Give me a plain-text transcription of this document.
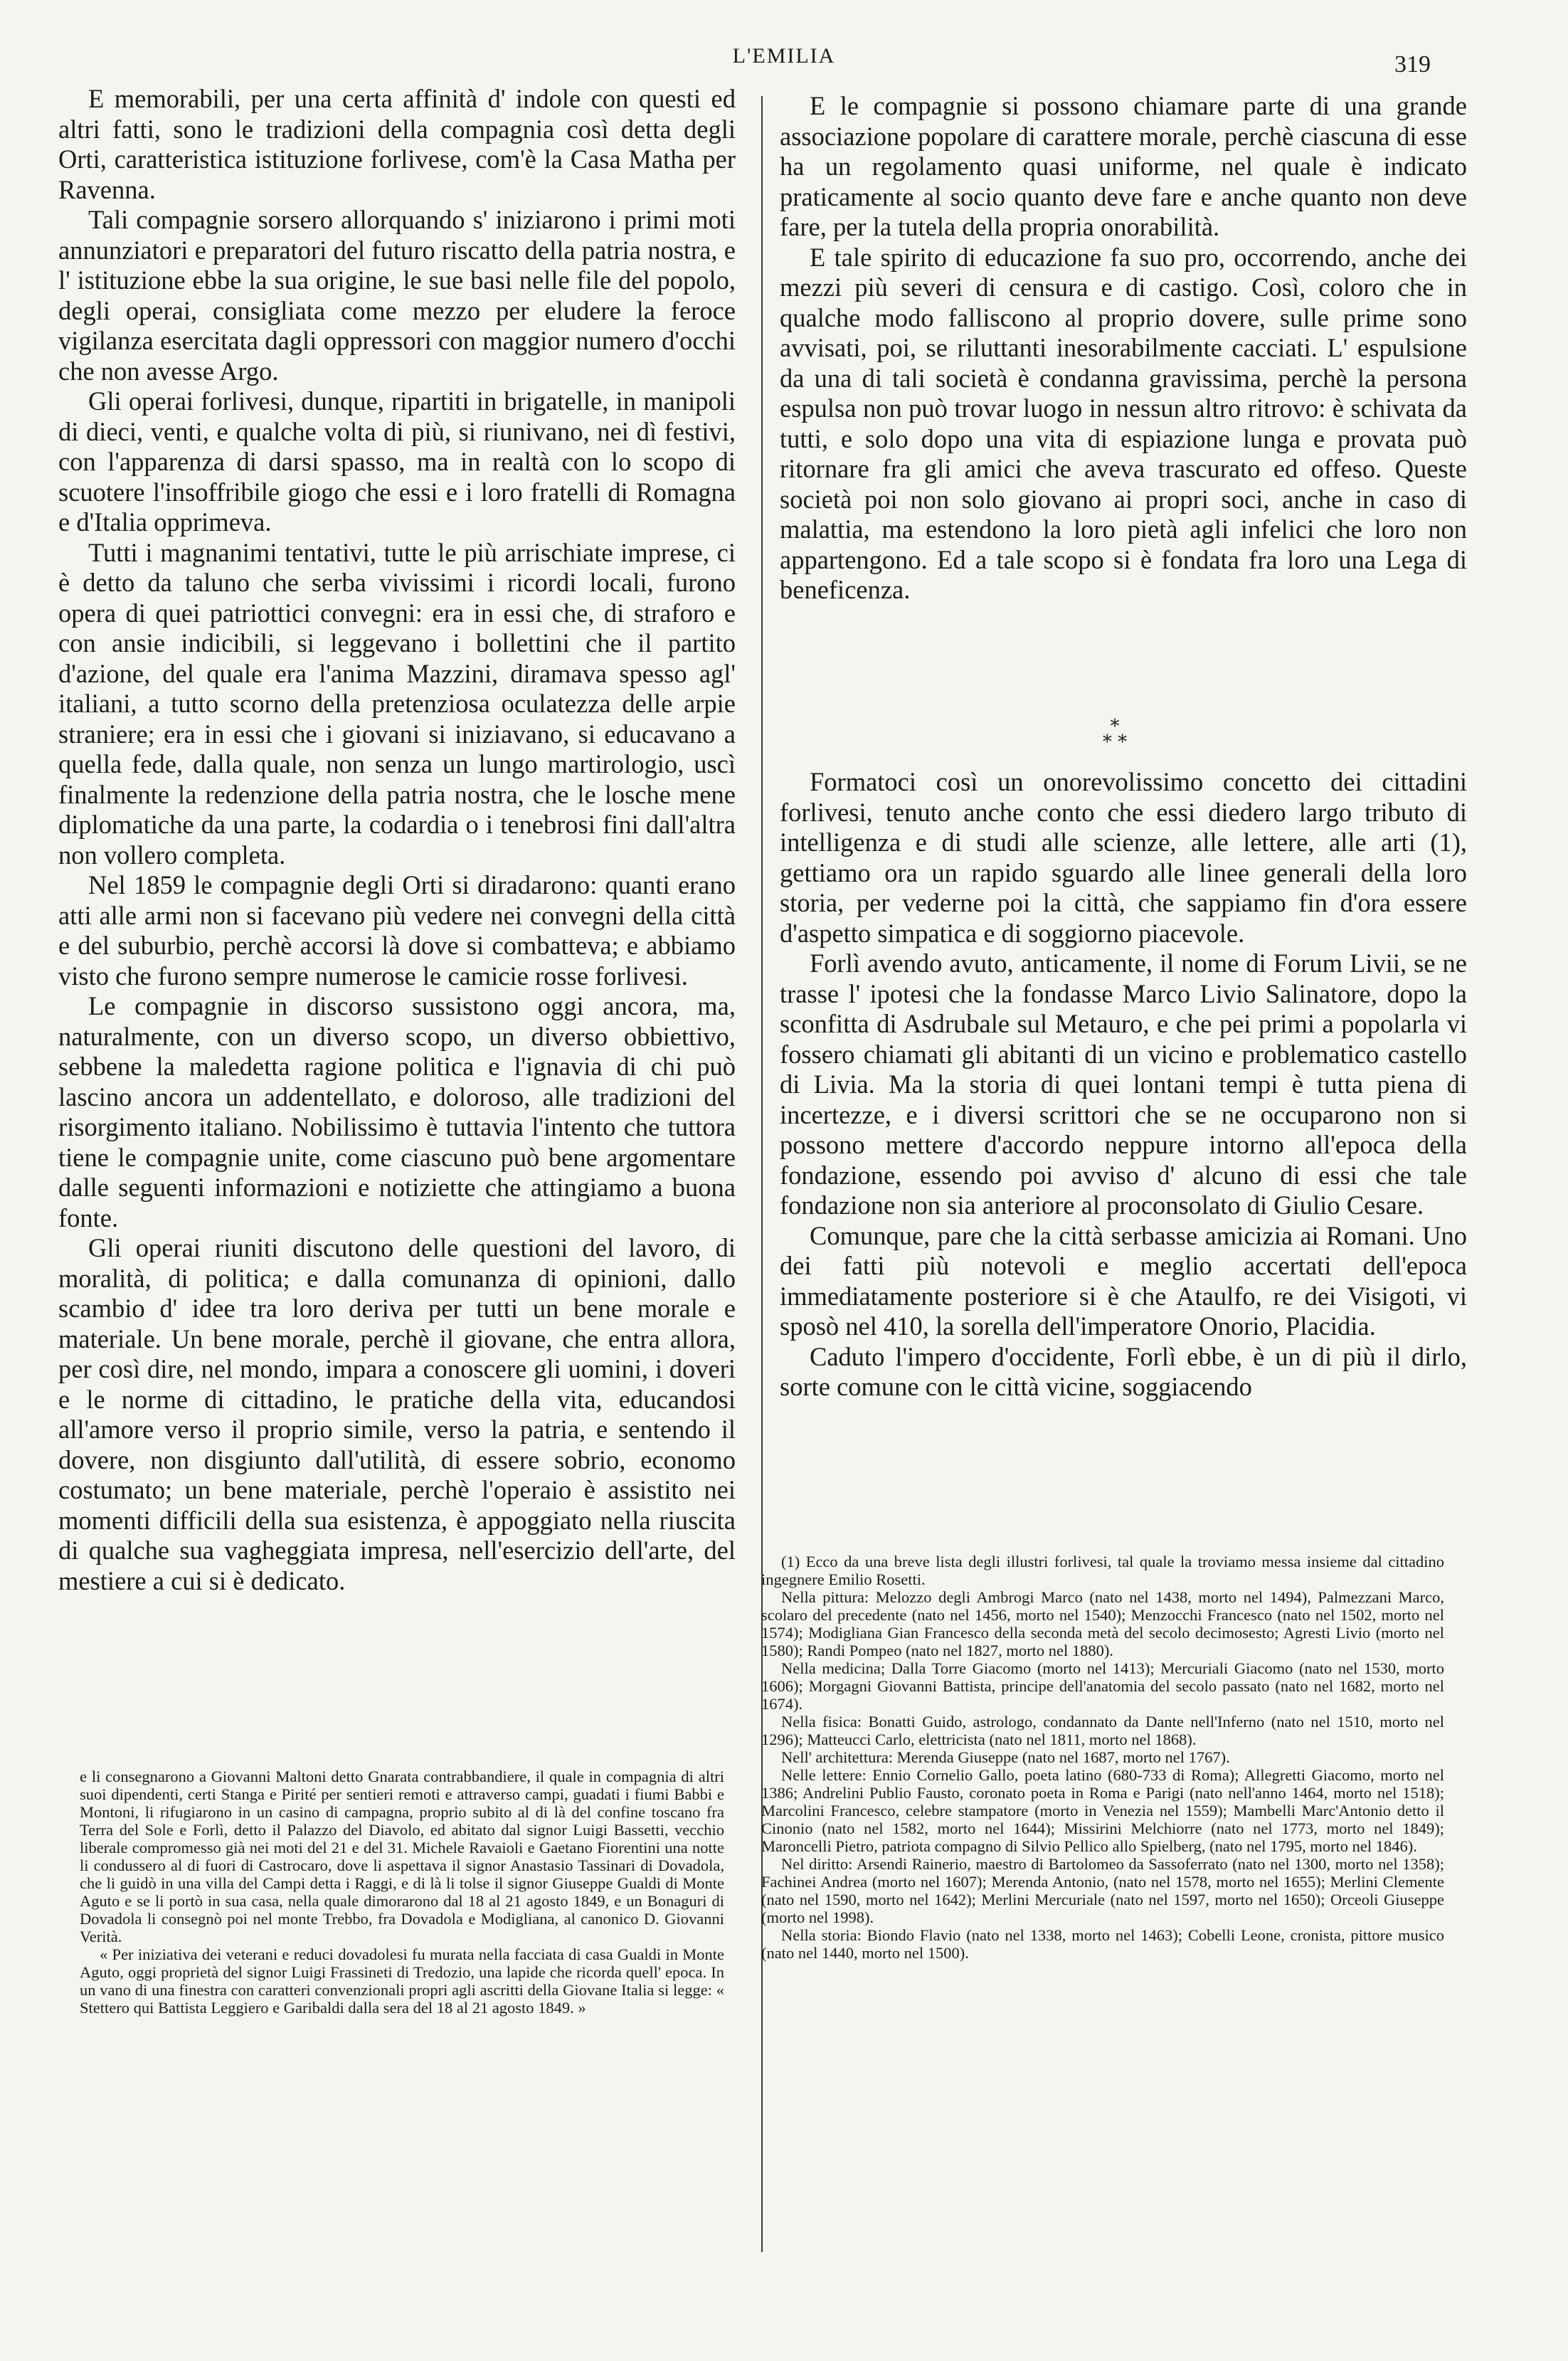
L'EMILIA	319

E memorabili, per una certa affinità d' indole con questi ed altri fatti, sono le tradizioni della compagnia così detta degli Orti, caratteristica istituzione forlivese, com'è la Casa Matha per Ravenna.

Tali compagnie sorsero allorquando s' iniziarono i primi moti annunziatori e preparatori del futuro riscatto della patria nostra, e l' istituzione ebbe la sua origine, le sue basi nelle file del popolo, degli operai, consigliata come mezzo per eludere la feroce vigilanza esercitata dagli oppressori con maggior numero d'occhi che non avesse Argo.

Gli operai forlivesi, dunque, ripartiti in brigatelle, in manipoli di dieci, venti, e qualche volta di più, si riunivano, nei dì festivi, con l'apparenza di darsi spasso, ma in realtà con lo scopo di scuotere l'insoffribile giogo che essi e i loro fratelli di Romagna e d'Italia opprimeva.

Tutti i magnanimi tentativi, tutte le più arrischiate imprese, ci è detto da taluno che serba vivissimi i ricordi locali, furono opera di quei patriottici convegni: era in essi che, di straforo e con ansie indicibili, si leggevano i bollettini che il partito d'azione, del quale era l'anima Mazzini, diramava spesso agl' italiani, a tutto scorno della pretenziosa oculatezza delle arpie straniere; era in essi che i giovani si iniziavano, si educavano a quella fede, dalla quale, non senza un lungo martirologio, uscì finalmente la redenzione della patria nostra, che le losche mene diplomatiche da una parte, la codardia o i tenebrosi fini dall'altra non vollero completa.

Nel 1859 le compagnie degli Orti si diradarono: quanti erano atti alle armi non si facevano più vedere nei convegni della città e del suburbio, perchè accorsi là dove si combatteva; e abbiamo visto che furono sempre numerose le camicie rosse forlivesi.

Le compagnie in discorso sussistono oggi ancora, ma, naturalmente, con un diverso scopo, un diverso obbiettivo, sebbene la maledetta ragione politica e l'ignavia di chi può lascino ancora un addentellato, e doloroso, alle tradizioni del risorgimento italiano. Nobilissimo è tuttavia l'intento che tuttora tiene le compagnie unite, come ciascuno può bene argomentare dalle seguenti informazioni e notiziette che attingiamo a buona fonte.

Gli operai riuniti discutono delle questioni del lavoro, di moralità, di politica; e dalla comunanza di opinioni, dallo scambio d' idee tra loro deriva per tutti un bene morale e materiale. Un bene morale, perchè il giovane, che entra allora, per così dire, nel mondo, impara a conoscere gli uomini, i doveri e le norme di cittadino, le pratiche della vita, educandosi all'amore verso il proprio simile, verso la patria, e sentendo il dovere, non disgiunto dall'utilità, di essere sobrio, economo costumato; un bene materiale, perchè l'operaio è assistito nei momenti difficili della sua esistenza, è appoggiato nella riuscita di qualche sua vagheggiata impresa, nell'esercizio dell'arte, del mestiere a cui si è dedicato.

e li consegnarono a Giovanni Maltoni detto Gnarata contrabbandiere, il quale in compagnia di altri suoi dipendenti, certi Stanga e Pirité per sentieri remoti e attraverso campi, guadati i fiumi Babbi e Montoni, li rifugiarono in un casino di campagna, proprio subito al di là del confine toscano fra Terra del Sole e Forlì, detto il Palazzo del Diavolo, ed abitato dal signor Luigi Bassetti, vecchio liberale compromesso già nei moti del 21 e del 31. Michele Ravaioli e Gaetano Fiorentini una notte li condussero al di fuori di Castrocaro, dove li aspettava il signor Anastasio Tassinari di Dovadola, che li guidò in una villa del Campi detta i Raggi, e di là li tolse il signor Giuseppe Gualdi di Monte Aguto e se li portò in sua casa, nella quale dimorarono dal 18 al 21 agosto 1849, e un Bonaguri di Dovadola li consegnò poi nel monte Trebbo, fra Dovadola e Modigliana, al canonico D. Giovanni Verità.

« Per iniziativa dei veterani e reduci dovadolesi fu murata nella facciata di casa Gualdi in Monte Aguto, oggi proprietà del signor Luigi Frassineti di Tredozio, una lapide che ricorda quell' epoca. In un vano di una finestra con caratteri convenzionali propri agli ascritti della Giovane Italia si legge: « Stettero qui Battista Leggiero e Garibaldi dalla sera del 18 al 21 agosto 1849. »

E le compagnie si possono chiamare parte di una grande associazione popolare di carattere morale, perchè ciascuna di esse ha un regolamento quasi uniforme, nel quale è indicato praticamente al socio quanto deve fare e anche quanto non deve fare, per la tutela della propria onorabilità.

E tale spirito di educazione fa suo pro, occorrendo, anche dei mezzi più severi di censura e di castigo. Così, coloro che in qualche modo falliscono al proprio dovere, sulle prime sono avvisati, poi, se riluttanti inesorabilmente cacciati. L' espulsione da una di tali società è condanna gravissima, perchè la persona espulsa non può trovar luogo in nessun altro ritrovo: è schivata da tutti, e solo dopo una vita di espiazione lunga e provata può ritornare fra gli amici che aveva trascurato ed offeso. Queste società poi non solo giovano ai propri soci, anche in caso di malattia, ma estendono la loro pietà agli infelici che loro non appartengono. Ed a tale scopo si è fondata fra loro una Lega di beneficenza.

*
* *

Formatoci così un onorevolissimo concetto dei cittadini forlivesi, tenuto anche conto che essi diedero largo tributo di intelligenza e di studi alle scienze, alle lettere, alle arti (1), gettiamo ora un rapido sguardo alle linee generali della loro storia, per vederne poi la città, che sappiamo fin d'ora essere d'aspetto simpatica e di soggiorno piacevole.

Forlì avendo avuto, anticamente, il nome di Forum Livii, se ne trasse l' ipotesi che la fondasse Marco Livio Salinatore, dopo la sconfitta di Asdrubale sul Metauro, e che pei primi a popolarla vi fossero chiamati gli abitanti di un vicino e problematico castello di Livia. Ma la storia di quei lontani tempi è tutta piena di incertezze, e i diversi scrittori che se ne occuparono non si possono mettere d'accordo neppure intorno all'epoca della fondazione, essendo poi avviso d' alcuno di essi che tale fondazione non sia anteriore al proconsolato di Giulio Cesare.

Comunque, pare che la città serbasse amicizia ai Romani. Uno dei fatti più notevoli e meglio accertati dell'epoca immediatamente posteriore si è che Ataulfo, re dei Visigoti, vi sposò nel 410, la sorella dell'imperatore Onorio, Placidia.

Caduto l'impero d'occidente, Forlì ebbe, è un di più il dirlo, sorte comune con le città vicine, soggiacendo

(1) Ecco da una breve lista degli illustri forlivesi, tal quale la troviamo messa insieme dal cittadino ingegnere Emilio Rosetti.

Nella pittura: Melozzo degli Ambrogi Marco (nato nel 1438, morto nel 1494), Palmezzani Marco, scolaro del precedente (nato nel 1456, morto nel 1540); Menzocchi Francesco (nato nel 1502, morto nel 1574); Modigliana Gian Francesco della seconda metà del secolo decimosesto; Agresti Livio (morto nel 1580); Randi Pompeo (nato nel 1827, morto nel 1880).

Nella medicina; Dalla Torre Giacomo (morto nel 1413); Mercuriali Giacomo (nato nel 1530, morto 1606); Morgagni Giovanni Battista, principe dell'anatomia del secolo passato (nato nel 1682, morto nel 1674).

Nella fisica: Bonatti Guido, astrologo, condannato da Dante nell'Inferno (nato nel 1510, morto nel 1296); Matteucci Carlo, elettricista (nato nel 1811, morto nel 1868).

Nell' architettura: Merenda Giuseppe (nato nel 1687, morto nel 1767).

Nelle lettere: Ennio Cornelio Gallo, poeta latino (680-733 di Roma); Allegretti Giacomo, morto nel 1386; Andrelini Publio Fausto, coronato poeta in Roma e Parigi (nato nell'anno 1464, morto nel 1518); Marcolini Francesco, celebre stampatore (morto in Venezia nel 1559); Mambelli Marc'Antonio detto il Cinonio (nato nel 1582, morto nel 1644); Missirini Melchiorre (nato nel 1773, morto nel 1849); Maroncelli Pietro, patriota compagno di Silvio Pellico allo Spielberg, (nato nel 1795, morto nel 1846).

Nel diritto: Arsendi Rainerio, maestro di Bartolomeo da Sassoferrato (nato nel 1300, morto nel 1358); Fachinei Andrea (morto nel 1607); Merenda Antonio, (nato nel 1578, morto nel 1655); Merlini Clemente (nato nel 1590, morto nel 1642); Merlini Mercuriale (nato nel 1597, morto nel 1650); Orceoli Giuseppe (morto nel 1998).

Nella storia: Biondo Flavio (nato nel 1338, morto nel 1463); Cobelli Leone, cronista, pittore musico (nato nel 1440, morto nel 1500).
